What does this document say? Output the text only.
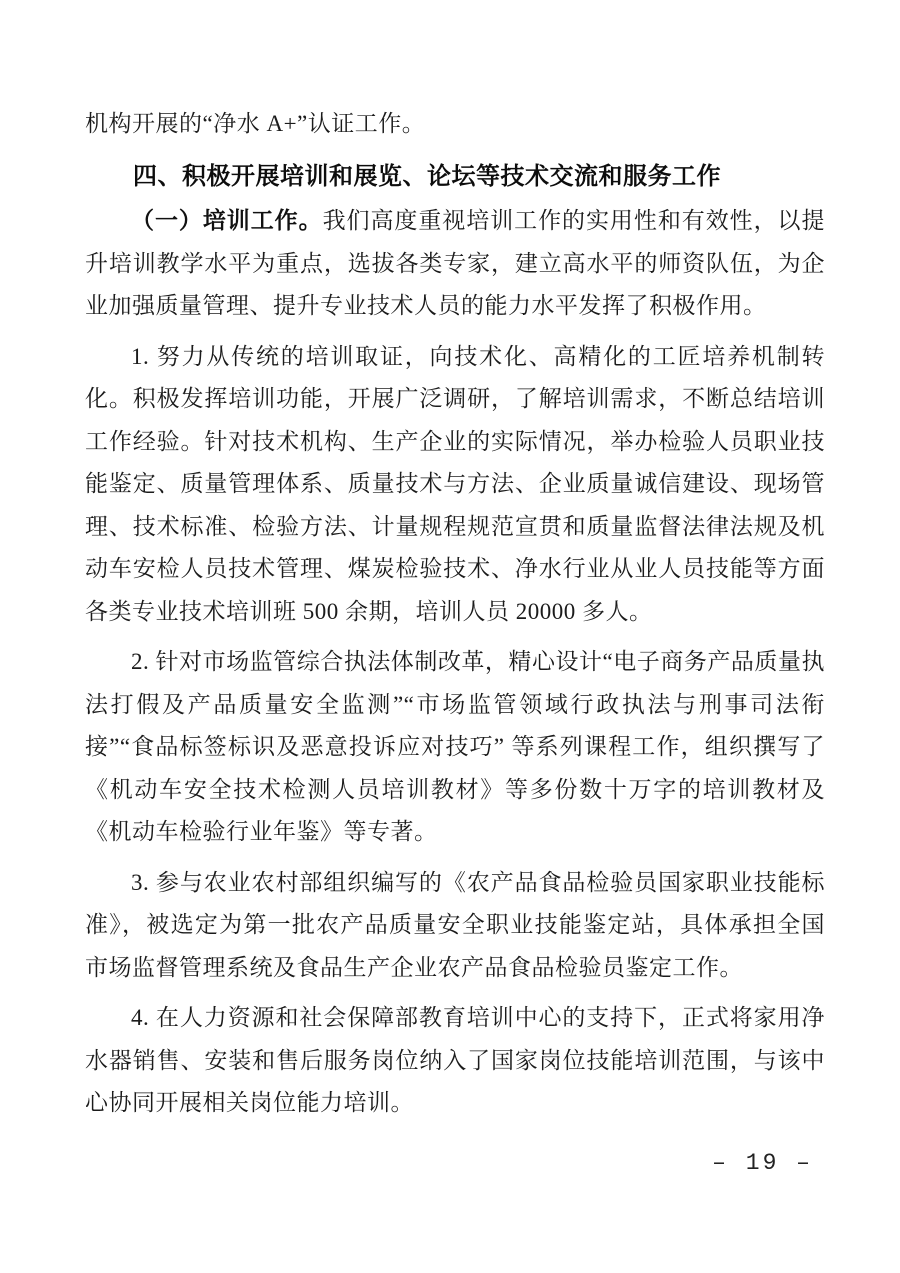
机构开展的“净水 A+”认证工作。

四、积极开展培训和展览、论坛等技术交流和服务工作

（一）培训工作。我们高度重视培训工作的实用性和有效性，以提升培训教学水平为重点，选拔各类专家，建立高水平的师资队伍，为企业加强质量管理、提升专业技术人员的能力水平发挥了积极作用。

1. 努力从传统的培训取证，向技术化、高精化的工匠培养机制转化。积极发挥培训功能，开展广泛调研，了解培训需求，不断总结培训工作经验。针对技术机构、生产企业的实际情况，举办检验人员职业技能鉴定、质量管理体系、质量技术与方法、企业质量诚信建设、现场管理、技术标准、检验方法、计量规程规范宣贯和质量监督法律法规及机动车安检人员技术管理、煤炭检验技术、净水行业从业人员技能等方面各类专业技术培训班 500 余期，培训人员 20000 多人。

2. 针对市场监管综合执法体制改革，精心设计“电子商务产品质量执法打假及产品质量安全监测”“市场监管领域行政执法与刑事司法衔接”“食品标签标识及恶意投诉应对技巧” 等系列课程工作，组织撰写了《机动车安全技术检测人员培训教材》等多份数十万字的培训教材及《机动车检验行业年鉴》等专著。

3. 参与农业农村部组织编写的《农产品食品检验员国家职业技能标准》，被选定为第一批农产品质量安全职业技能鉴定站，具体承担全国市场监督管理系统及食品生产企业农产品食品检验员鉴定工作。

4. 在人力资源和社会保障部教育培训中心的支持下，正式将家用净水器销售、安装和售后服务岗位纳入了国家岗位技能培训范围，与该中心协同开展相关岗位能力培训。

– 19 –
